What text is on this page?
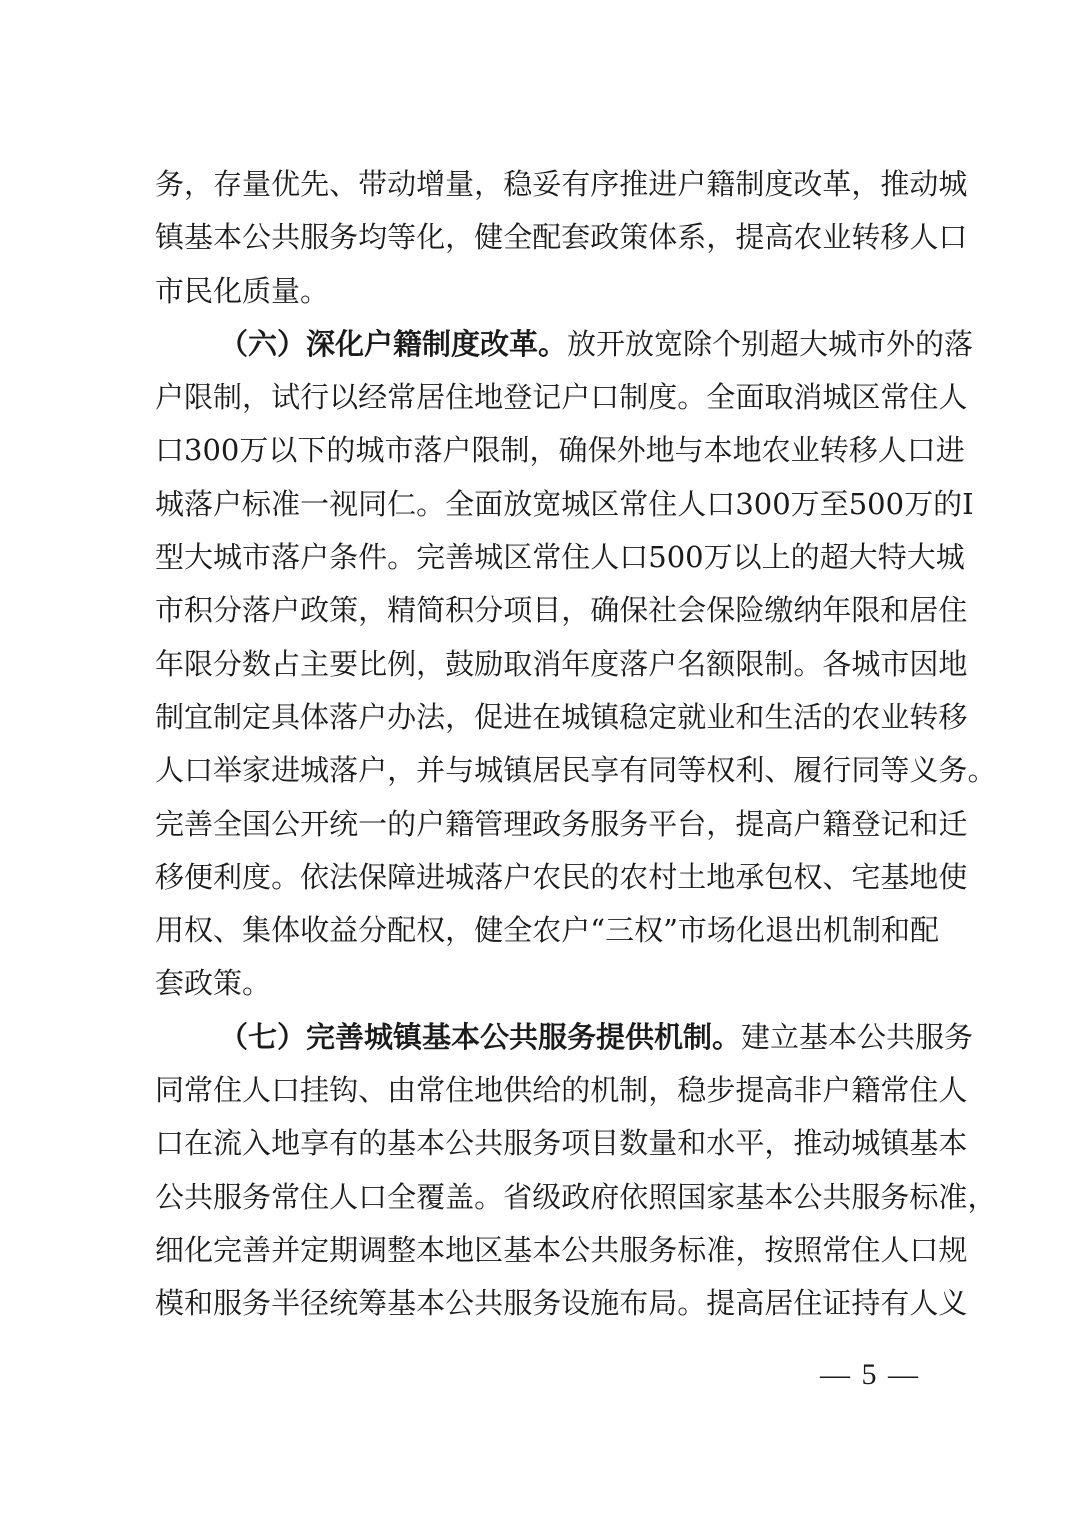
务 ， 存 量 优 先 、 带 动 增 量 ， 稳 妥 有 序 推 进 户 籍 制 度 改 革 ， 推 动 城
镇 基 本 公 共 服 务 均 等 化 ， 健 全 配 套 政 策 体 系 ， 提 高 农 业 转 移 人 口
市民化质量。
（六）深化户籍制度改革。 放开放宽除个别超大城市外的落
户 限 制 ， 试 行 以 经 常 居 住 地 登 记 户 口 制 度 。 全 面 取 消 城 区 常 住 人
口 300 万 以 下 的 城 市 落 户 限 制 ， 确 保 外 地 与 本 地 农 业 转 移 人 口 进
城 落 户 标 准 一 视 同 仁 。 全 面 放 宽 城 区 常 住 人 口 300 万 至 500 万 的 I
型 大 城 市 落 户 条 件 。 完 善 城 区 常 住 人 口 500 万 以 上 的 超 大 特 大 城
市 积 分 落 户 政 策 ， 精 简 积 分 项 目 ， 确 保 社 会 保 险 缴 纳 年 限 和 居 住
年 限 分 数 占 主 要 比 例 ， 鼓 励 取 消 年 度 落 户 名 额 限 制 。 各 城 市 因 地
制 宜 制 定 具 体 落 户 办 法 ， 促 进 在 城 镇 稳 定 就 业 和 生 活 的 农 业 转 移
人 口 举 家 进 城 落 户 ， 并 与 城 镇 居 民 享 有 同 等 权 利 、 履 行 同 等 义 务 。
完 善 全 国 公 开 统 一 的 户 籍 管 理 政 务 服 务 平 台 ， 提 高 户 籍 登 记 和 迁
移 便 利 度 。 依 法 保 障 进 城 落 户 农 民 的 农 村 土 地 承 包 权 、 宅 基 地 使
用 权 、 集 体 收 益 分 配 权 ， 健 全 农 户 “ 三 权 ” 市 场 化 退 出 机 制 和 配
套政策。
（七）完善城镇基本公共服务提供机制。 建立基本公共服务
同 常 住 人 口 挂 钩 、 由 常 住 地 供 给 的 机 制 ， 稳 步 提 高 非 户 籍 常 住 人
口 在 流 入 地 享 有 的 基 本 公 共 服 务 项 目 数 量 和 水 平 ， 推 动 城 镇 基 本
公 共 服 务 常 住 人 口 全 覆 盖 。 省 级 政 府 依 照 国 家 基 本 公 共 服 务 标 准 ，
细 化 完 善 并 定 期 调 整 本 地 区 基 本 公 共 服 务 标 准 ， 按 照 常 住 人 口 规
模 和 服 务 半 径 统 筹 基 本 公 共 服 务 设 施 布 局 。 提 高 居 住 证 持 有 人 义
— 5 —
